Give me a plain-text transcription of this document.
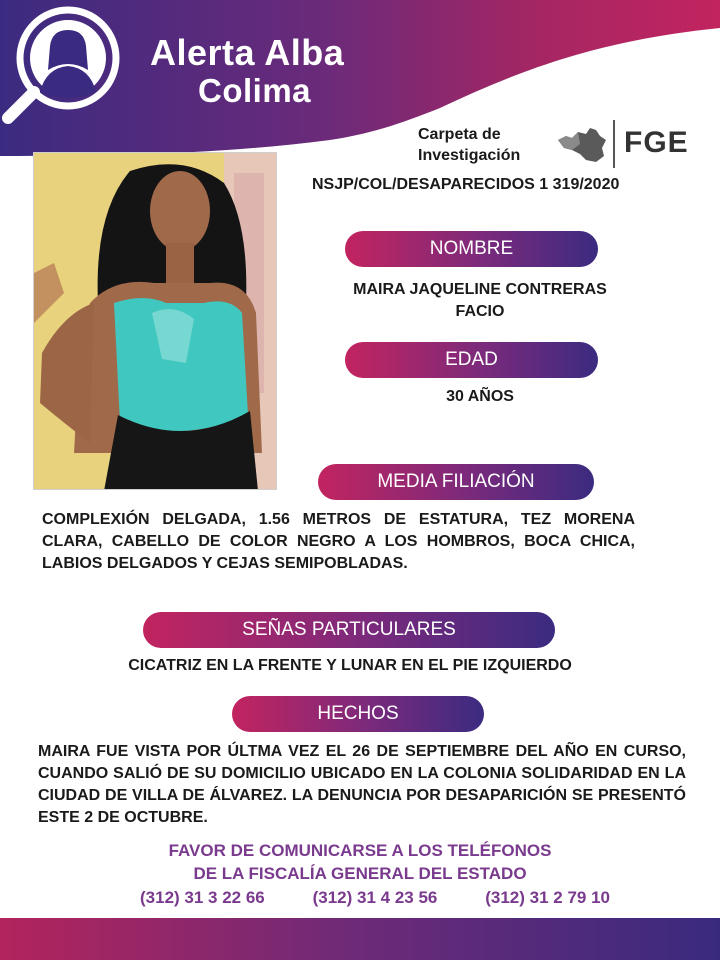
Alerta Alba
Colima
Carpeta de
Investigación	FGE
NSJP/COL/DESAPARECIDOS 1 319/2020
NOMBRE
MAIRA JAQUELINE CONTRERAS
FACIO
EDAD
30 AÑOS
MEDIA FILIACIÓN
COMPLEXIÓN DELGADA, 1.56 METROS DE ESTATURA, TEZ MORENA CLARA, CABELLO DE COLOR NEGRO A LOS HOMBROS, BOCA CHICA, LABIOS DELGADOS Y CEJAS SEMIPOBLADAS.
SEÑAS PARTICULARES
CICATRIZ EN LA FRENTE Y LUNAR EN EL PIE IZQUIERDO
HECHOS
MAIRA FUE VISTA POR ÚLTMA VEZ EL 26 DE SEPTIEMBRE DEL AÑO EN CURSO, CUANDO SALIÓ DE SU DOMICILIO UBICADO EN LA COLONIA SOLIDARIDAD EN LA CIUDAD DE VILLA DE ÁLVAREZ. LA DENUNCIA POR DESAPARICIÓN SE PRESENTÓ ESTE 2 DE OCTUBRE.
FAVOR DE COMUNICARSE A LOS TELÉFONOS
DE LA FISCALÍA GENERAL DEL ESTADO
(312) 31 3 22 66	(312) 31 4 23 56	(312) 31 2 79 10
